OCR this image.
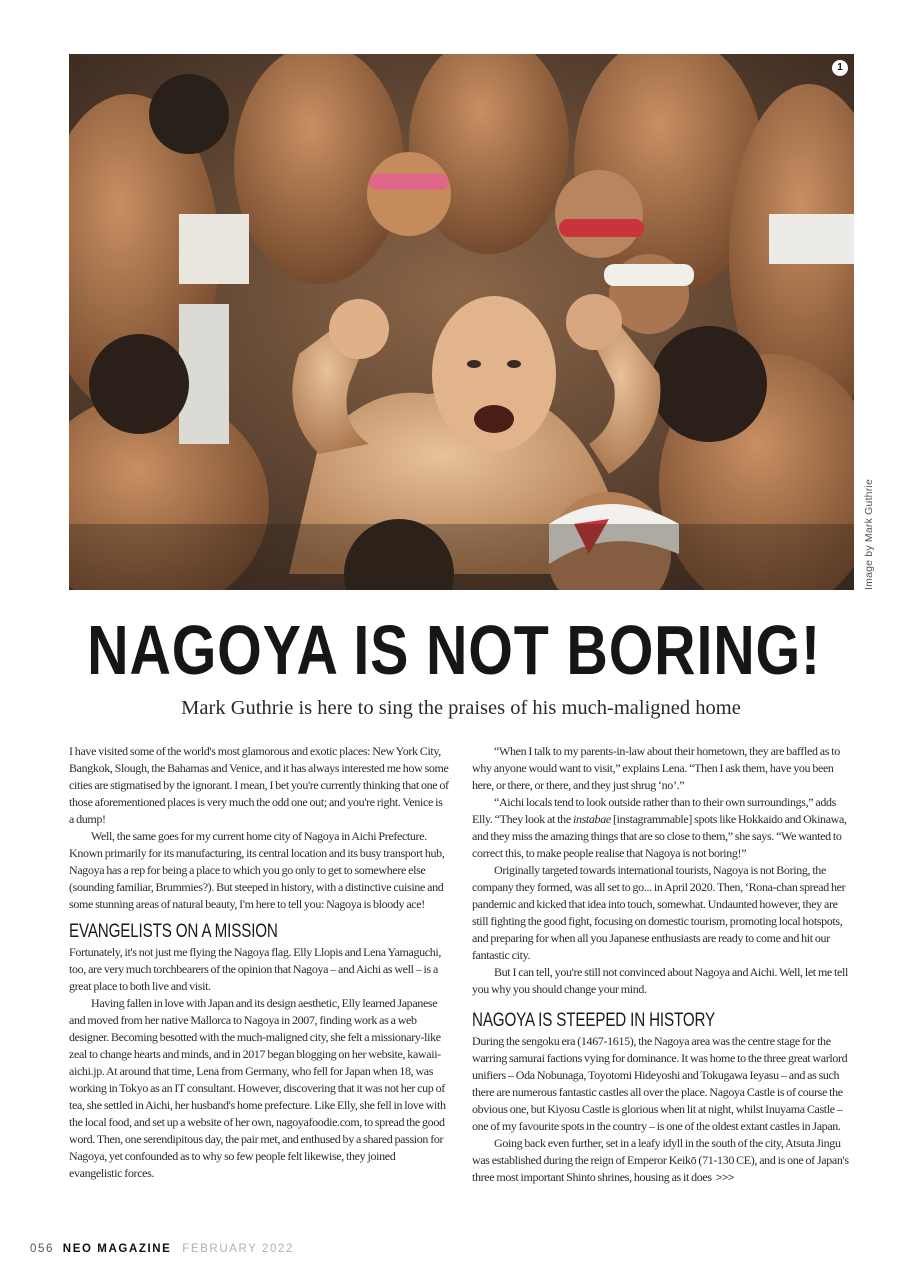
1
Image by Mark Guthrie
NAGOYA IS NOT BORING!
Mark Guthrie is here to sing the praises of his much-maligned home

I have visited some of the world's most glamorous and exotic places: New York City, Bangkok, Slough, the Bahamas and Venice, and it has always interested me how some cities are stigmatised by the ignorant. I mean, I bet you're currently thinking that one of those aforementioned places is very much the odd one out; and you're right. Venice is a dump!

Well, the same goes for my current home city of Nagoya in Aichi Prefecture. Known primarily for its manufacturing, its central location and its busy transport hub, Nagoya has a rep for being a place to which you go only to get to somewhere else (sounding familiar, Brummies?). But steeped in history, with a distinctive cuisine and some stunning areas of natural beauty, I'm here to tell you: Nagoya is bloody ace!

EVANGELISTS ON A MISSION

Fortunately, it's not just me flying the Nagoya flag. Elly Llopis and Lena Yamaguchi, too, are very much torchbearers of the opinion that Nagoya – and Aichi as well – is a great place to both live and visit.

Having fallen in love with Japan and its design aesthetic, Elly learned Japanese and moved from her native Mallorca to Nagoya in 2007, finding work as a web designer. Becoming besotted with the much-maligned city, she felt a missionary-like zeal to change hearts and minds, and in 2017 began blogging on her website, kawaii-aichi.jp. At around that time, Lena from Germany, who fell for Japan when 18, was working in Tokyo as an IT consultant. However, discovering that it was not her cup of tea, she settled in Aichi, her husband's home prefecture. Like Elly, she fell in love with the local food, and set up a website of her own, nagoyafoodie.com, to spread the good word. Then, one serendipitous day, the pair met, and enthused by a shared passion for Nagoya, yet confounded as to why so few people felt likewise, they joined evangelistic forces.

“When I talk to my parents-in-law about their hometown, they are baffled as to why anyone would want to visit,” explains Lena. “Then I ask them, have you been here, or there, or there, and they just shrug ‘no’.”

“Aichi locals tend to look outside rather than to their own surroundings,” adds Elly. “They look at the instabae [instagrammable] spots like Hokkaido and Okinawa, and they miss the amazing things that are so close to them,” she says. “We wanted to correct this, to make people realise that Nagoya is not boring!”

Originally targeted towards international tourists, Nagoya is not Boring, the company they formed, was all set to go... in April 2020. Then, ‘Rona-chan spread her pandemic and kicked that idea into touch, somewhat. Undaunted however, they are still fighting the good fight, focusing on domestic tourism, promoting local hotspots, and preparing for when all you Japanese enthusiasts are ready to come and hit our fantastic city.

But I can tell, you're still not convinced about Nagoya and Aichi. Well, let me tell you why you should change your mind.

NAGOYA IS STEEPED IN HISTORY

During the sengoku era (1467-1615), the Nagoya area was the centre stage for the warring samurai factions vying for dominance. It was home to the three great warlord unifiers – Oda Nobunaga, Toyotomi Hideyoshi and Tokugawa Ieyasu – and as such there are numerous fantastic castles all over the place. Nagoya Castle is of course the obvious one, but Kiyosu Castle is glorious when lit at night, whilst Inuyama Castle – one of my favourite spots in the country – is one of the oldest extant castles in Japan.

Going back even further, set in a leafy idyll in the south of the city, Atsuta Jingu was established during the reign of Emperor Keikō (71-130 CE), and is one of Japan's three most important Shinto shrines, housing as it does >>>

056 NEO MAGAZINE FEBRUARY 2022
